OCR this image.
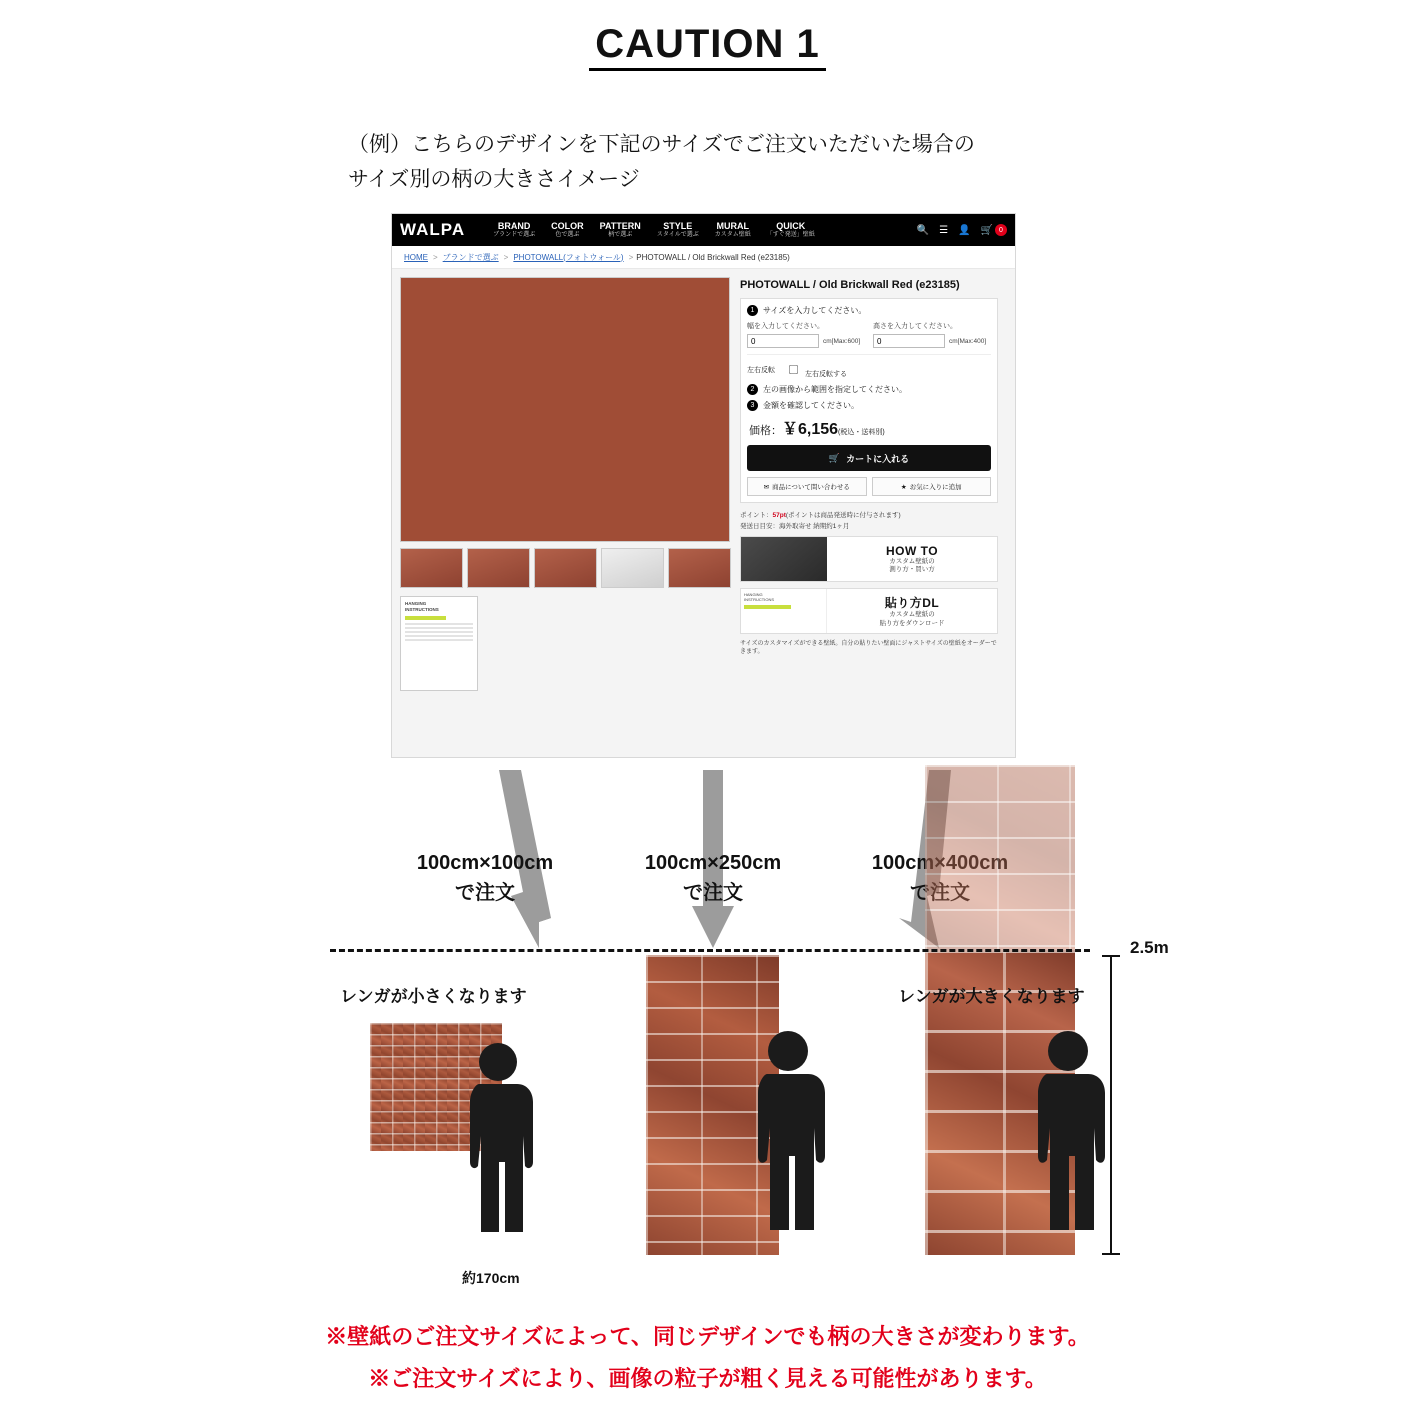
CAUTION 1
（例）こちらのデザインを下記のサイズでご注文いただいた場合の
サイズ別の柄の大きさイメージ
WALPA	BRAND
ブランドで選ぶ
COLOR
色で選ぶ
PATTERN
柄で選ぶ
STYLE
スタイルで選ぶ
MURAL
カスタム壁紙
QUICK
「すぐ発送」壁紙	🔍 ☰ 👤 🛒 0
HOME > ブランドで選ぶ > PHOTOWALL(フォトウォール) > PHOTOWALL / Old Brickwall Red (e23185)
HANGING
INSTRUCTIONS
PHOTOWALL / Old Brickwall Red (e23185)
1	サイズを入力してください。
幅を入力してください。
0
cm[Max:600]
高さを入力してください。
0
cm[Max:400]
左右反転
左右反転する
2	左の画像から範囲を指定してください。
3	金額を確認してください。
価格：￥6,156(税込・送料別)
🛒 カートに入れる
✉ 商品について問い合わせる	★ お気に入りに追加
ポイント：57pt(ポイントは商品発送時に付与されます)
発送日目安：海外取寄せ 納期約1ヶ月
HOW TO
カスタム壁紙の
測り方・買い方
HANGING
INSTRUCTIONS	貼り方DL
カスタム壁紙の
貼り方をダウンロード
サイズのカスタマイズができる壁紙。自分の貼りたい壁面にジャストサイズの壁紙をオーダーできます。
100cm×100cm
で注文
100cm×250cm
で注文
100cm×400cm
で注文
2.5m
レンガが小さくなります	レンガが大きくなります
約170cm
※壁紙のご注文サイズによって、同じデザインでも柄の大きさが変わります。
※ご注文サイズにより、画像の粒子が粗く見える可能性があります。
